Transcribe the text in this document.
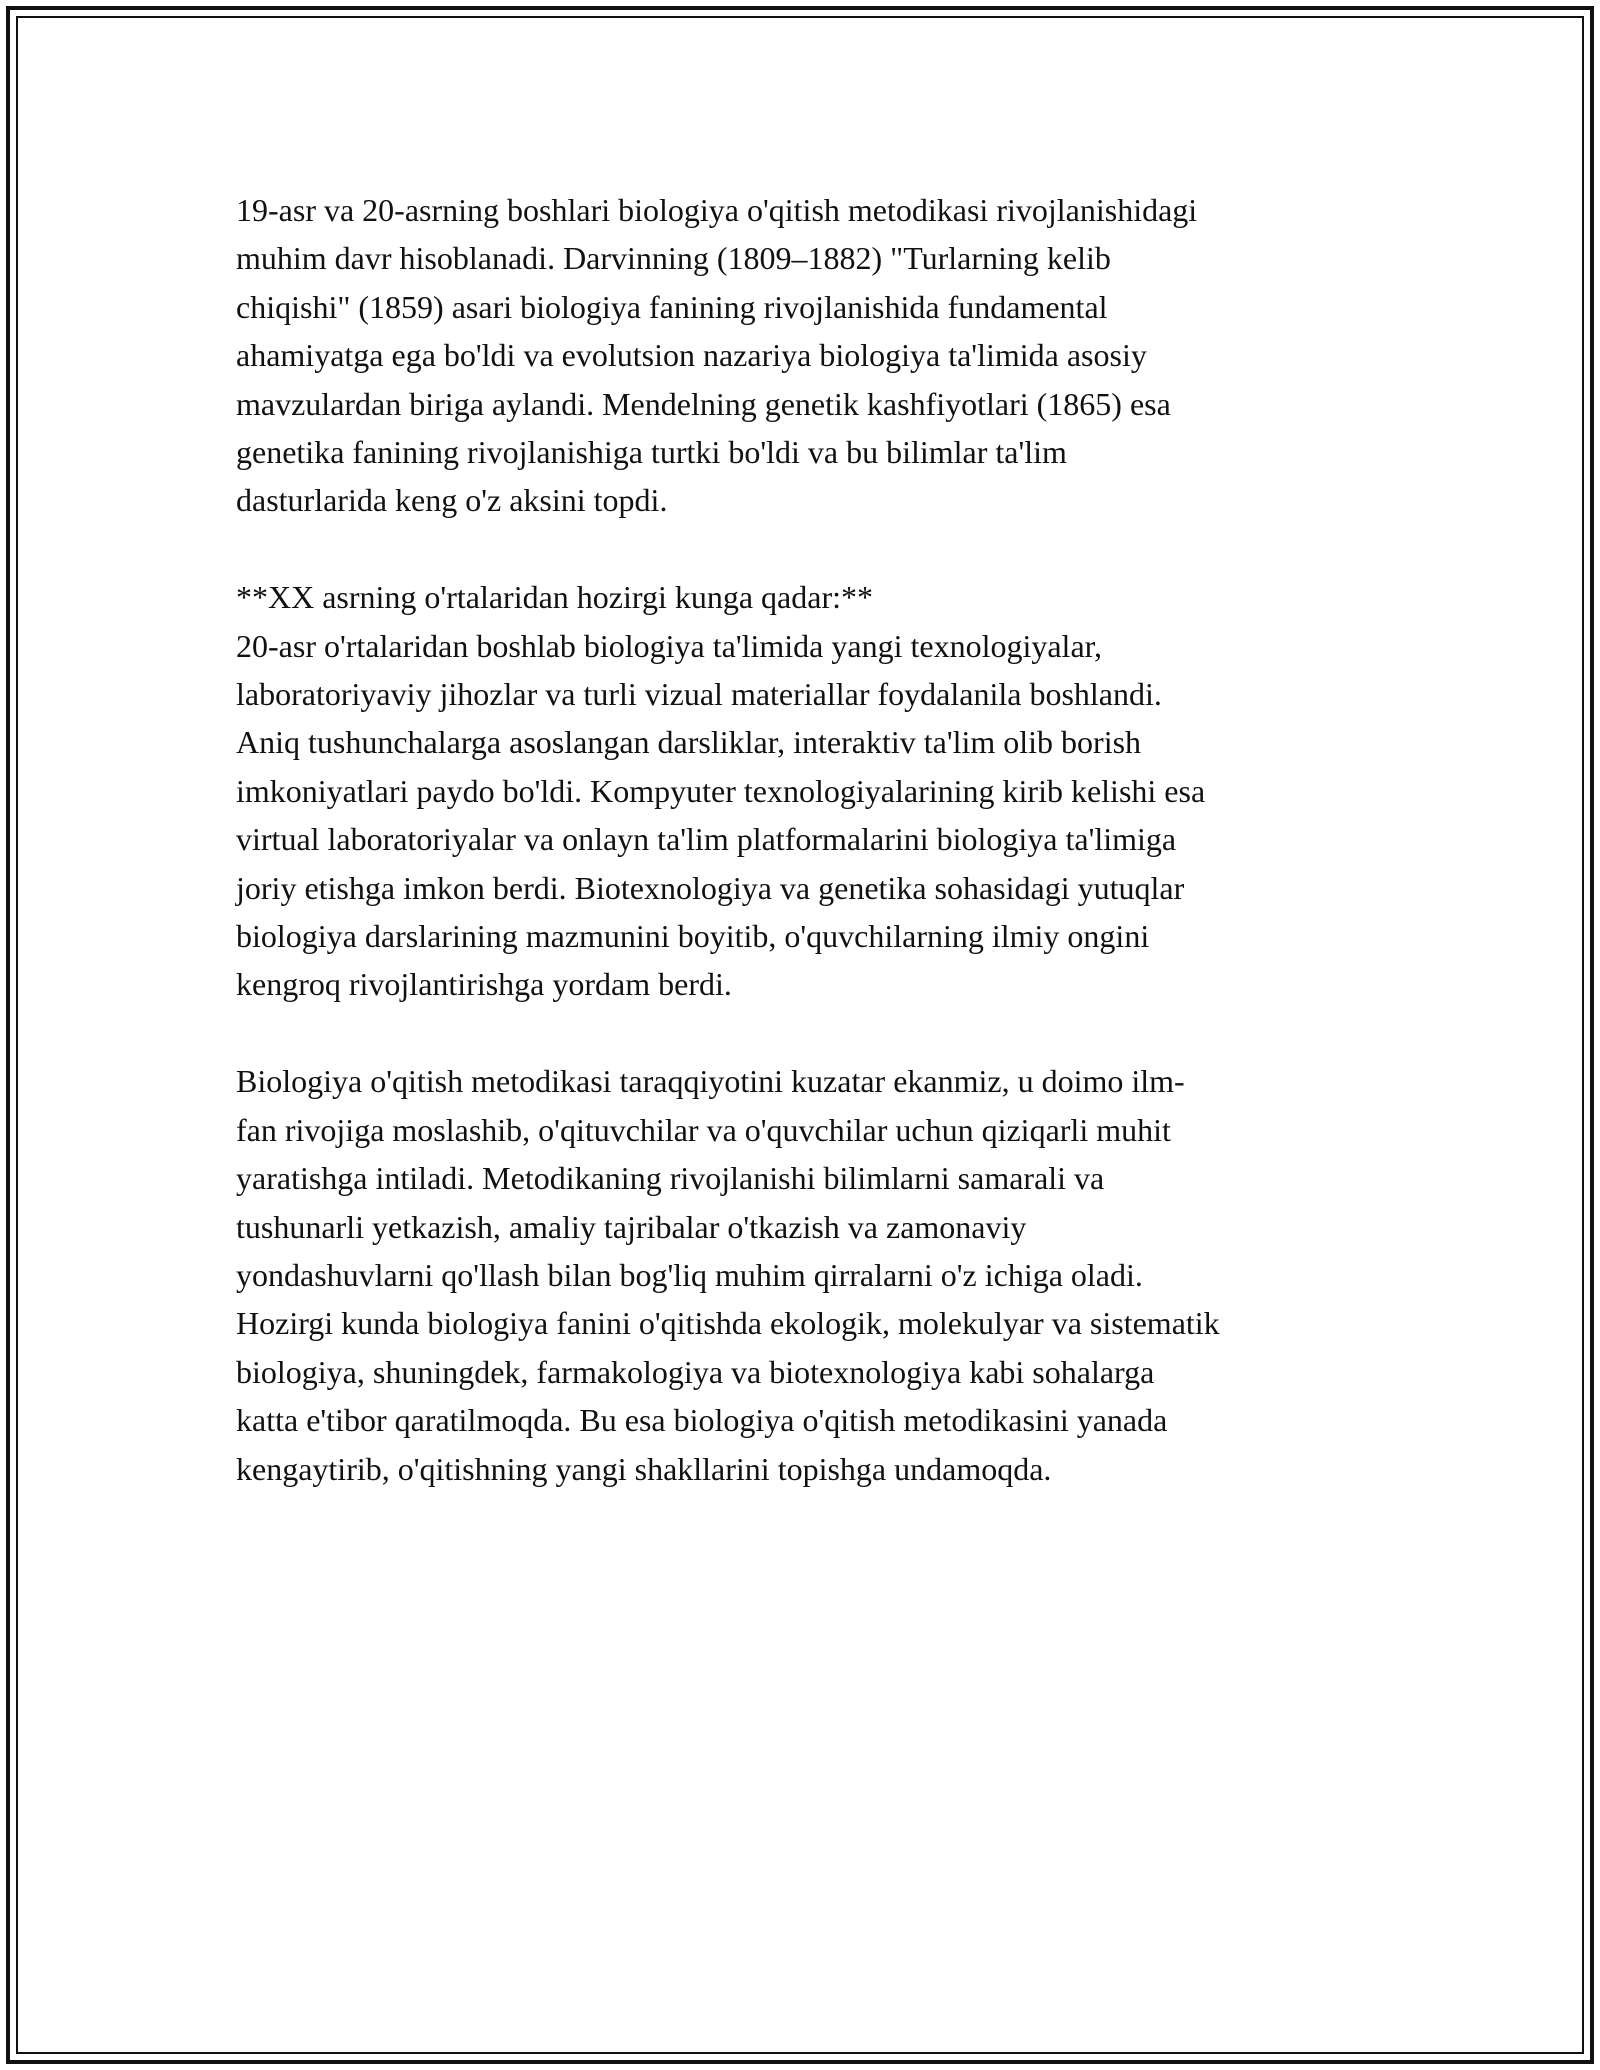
19-asr va 20-asrning boshlari biologiya o'qitish metodikasi rivojlanishidagi
muhim davr hisoblanadi. Darvinning (1809–1882) "Turlarning kelib
chiqishi" (1859) asari biologiya fanining rivojlanishida fundamental
ahamiyatga ega bo'ldi va evolutsion nazariya biologiya ta'limida asosiy
mavzulardan biriga aylandi. Mendelning genetik kashfiyotlari (1865) esa
genetika fanining rivojlanishiga turtki bo'ldi va bu bilimlar ta'lim
dasturlarida keng o'z aksini topdi.

**XX asrning o'rtalaridan hozirgi kunga qadar:**
20-asr o'rtalaridan boshlab biologiya ta'limida yangi texnologiyalar,
laboratoriyaviy jihozlar va turli vizual materiallar foydalanila boshlandi.
Aniq tushunchalarga asoslangan darsliklar, interaktiv ta'lim olib borish
imkoniyatlari paydo bo'ldi. Kompyuter texnologiyalarining kirib kelishi esa
virtual laboratoriyalar va onlayn ta'lim platformalarini biologiya ta'limiga
joriy etishga imkon berdi. Biotexnologiya va genetika sohasidagi yutuqlar
biologiya darslarining mazmunini boyitib, o'quvchilarning ilmiy ongini
kengroq rivojlantirishga yordam berdi.

Biologiya o'qitish metodikasi taraqqiyotini kuzatar ekanmiz, u doimo ilm-
fan rivojiga moslashib, o'qituvchilar va o'quvchilar uchun qiziqarli muhit
yaratishga intiladi. Metodikaning rivojlanishi bilimlarni samarali va
tushunarli yetkazish, amaliy tajribalar o'tkazish va zamonaviy
yondashuvlarni qo'llash bilan bog'liq muhim qirralarni o'z ichiga oladi.
Hozirgi kunda biologiya fanini o'qitishda ekologik, molekulyar va sistematik
biologiya, shuningdek, farmakologiya va biotexnologiya kabi sohalarga
katta e'tibor qaratilmoqda. Bu esa biologiya o'qitish metodikasini yanada
kengaytirib, o'qitishning yangi shakllarini topishga undamoqda.
